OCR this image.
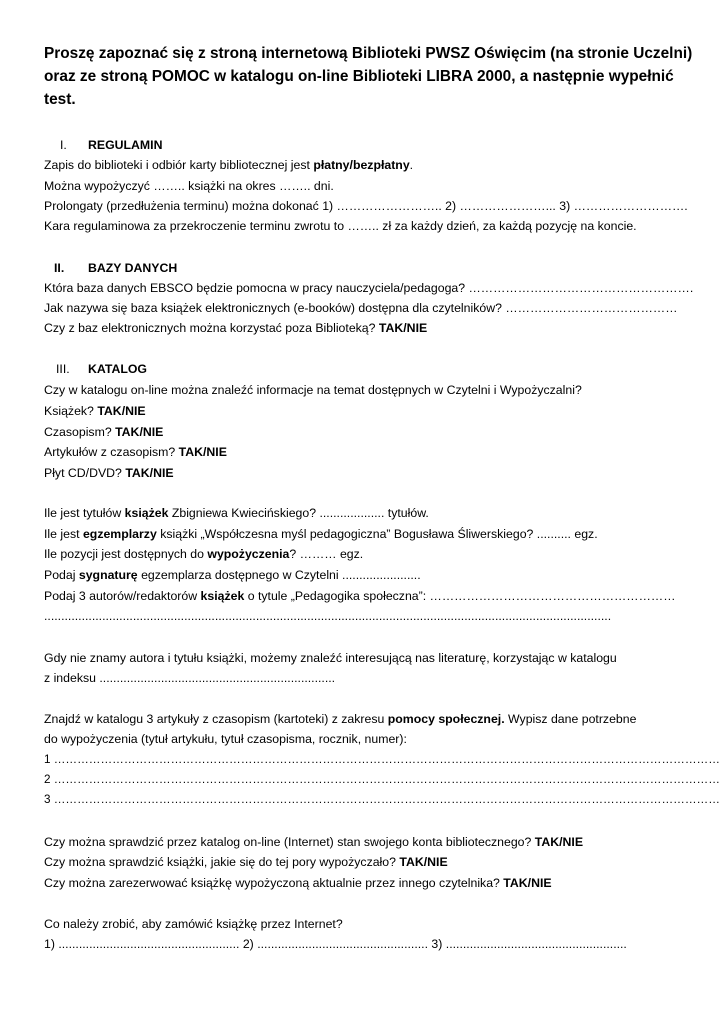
Proszę zapoznać się z stroną internetową Biblioteki PWSZ Oświęcim (na stronie Uczelni)
oraz ze stroną POMOC w katalogu on-line Biblioteki LIBRA 2000, a następnie wypełnić
test.
I. REGULAMIN
Zapis do biblioteki i odbiór karty bibliotecznej jest płatny/bezpłatny.
Można wypożyczyć …….. książki na okres …….. dni.
Prolongaty (przedłużenia terminu) można dokonać 1) …………………….. 2) …………………... 3) ……………………….
Kara regulaminowa za przekroczenie terminu zwrotu to …….. zł za każdy dzień, za każdą pozycję na koncie.
II. BAZY DANYCH
Która baza danych EBSCO będzie pomocna w pracy nauczyciela/pedagoga? ……………………………………………….
Jak nazywa się baza książek elektronicznych (e-booków) dostępna dla czytelników? ……………………………………
Czy z baz elektronicznych można korzystać poza Biblioteką? TAK/NIE
III. KATALOG
Czy w katalogu on-line można znaleźć informacje na temat dostępnych w Czytelni i Wypożyczalni?
Książek? TAK/NIE
Czasopism? TAK/NIE
Artykułów z czasopism? TAK/NIE
Płyt CD/DVD? TAK/NIE
Ile jest tytułów książek Zbigniewa Kwiecińskiego? ................... tytułów.
Ile jest egzemplarzy książki „Współczesna myśl pedagogiczna” Bogusława Śliwerskiego? .......... egz.
Ile pozycji jest dostępnych do wypożyczenia? ……… egz.
Podaj sygnaturę egzemplarza dostępnego w Czytelni .......................
Podaj 3 autorów/redaktorów książek o tytule „Pedagogika społeczna”: ……………………………………………………
......................................................................................................................................................................
Gdy nie znamy autora i tytułu książki, możemy znaleźć interesującą nas literaturę, korzystając w katalogu
z indeksu .....................................................................
Znajdź w katalogu 3 artykuły z czasopism (kartoteki) z zakresu pomocy społecznej. Wypisz dane potrzebne
do wypożyczenia (tytuł artykułu, tytuł czasopisma, rocznik, numer):
1 ………………………………………………………………………………………………………………………………………………………
2 ………………………………………………………………………………………………………………………………………………………
3 ………………………………………………………………………………………………………………………………………………………
Czy można sprawdzić przez katalog on-line (Internet) stan swojego konta bibliotecznego? TAK/NIE
Czy można sprawdzić książki, jakie się do tej pory wypożyczało? TAK/NIE
Czy można zarezerwować książkę wypożyczoną aktualnie przez innego czytelnika? TAK/NIE
Co należy zrobić, aby zamówić książkę przez Internet?
1) ..................................................... 2) .................................................. 3) .....................................................
